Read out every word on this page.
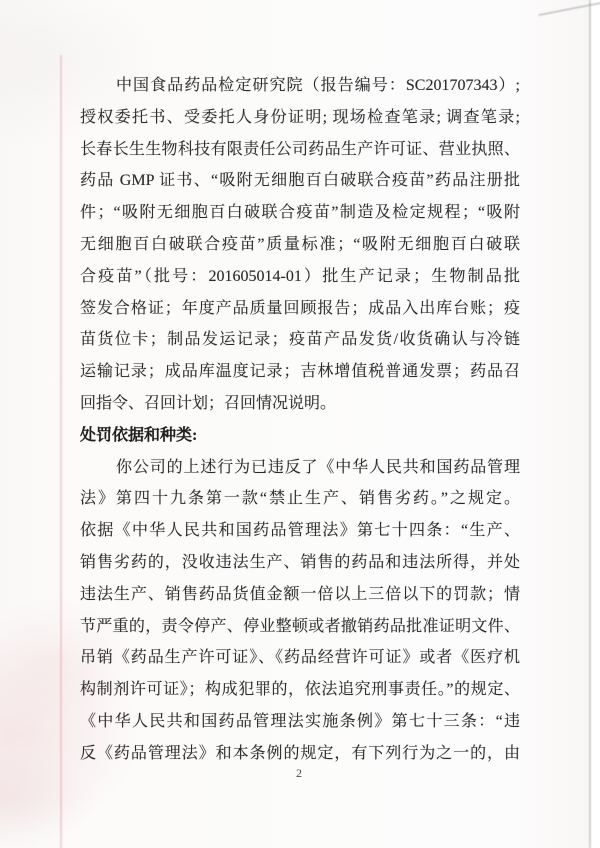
中国食品药品检定研究院（报告编号：SC201707343）;
授权委托书、受委托人身份证明; 现场检查笔录; 调查笔录;
长春长生生物科技有限责任公司药品生产许可证、营业执照、
药品 GMP 证书、“吸附无细胞百白破联合疫苗”药品注册批
件；“吸附无细胞百白破联合疫苗”制造及检定规程；“吸附
无细胞百白破联合疫苗”质量标准；“吸附无细胞百白破联
合疫苗”（批号：201605014-01）批生产记录；生物制品批
签发合格证；年度产品质量回顾报告；成品入出库台账；疫
苗货位卡；制品发运记录；疫苗产品发货/收货确认与冷链
运输记录；成品库温度记录；吉林增值税普通发票；药品召
回指令、召回计划；召回情况说明。
处罚依据和种类:
你公司的上述行为已违反了《中华人民共和国药品管理
法》第四十九条第一款“禁止生产、销售劣药。”之规定。
依据《中华人民共和国药品管理法》第七十四条：“生产、
销售劣药的，没收违法生产、销售的药品和违法所得，并处
违法生产、销售药品货值金额一倍以上三倍以下的罚款；情
节严重的，责令停产、停业整顿或者撤销药品批准证明文件、
吊销《药品生产许可证》、《药品经营许可证》或者《医疗机
构制剂许可证》；构成犯罪的，依法追究刑事责任。”的规定、
《中华人民共和国药品管理法实施条例》第七十三条：“违
反《药品管理法》和本条例的规定，有下列行为之一的，由
2
